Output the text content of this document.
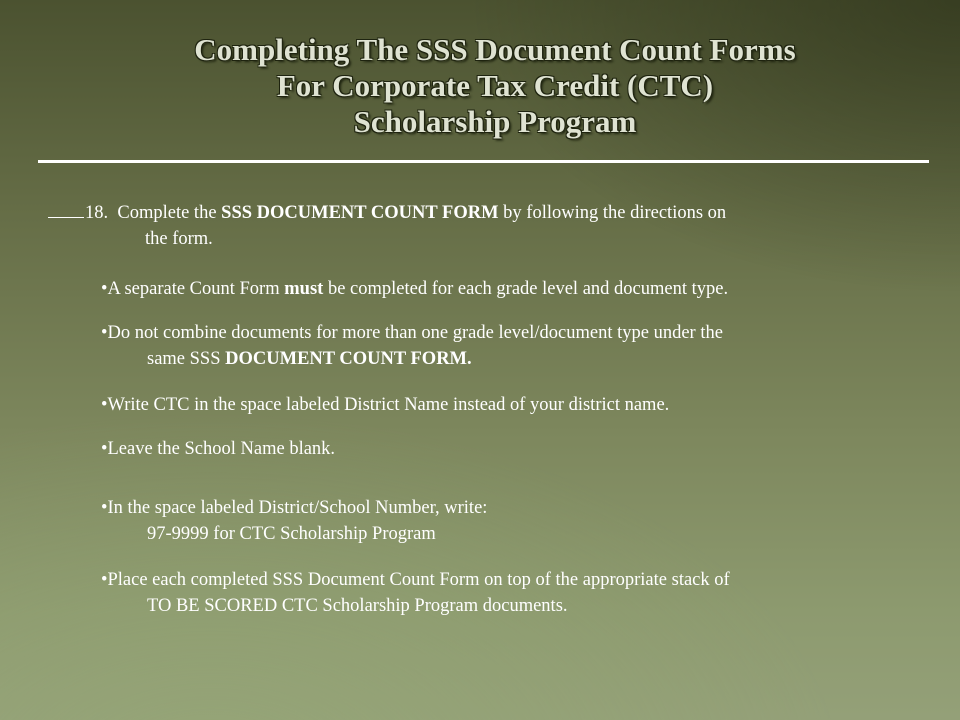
Completing The SSS Document Count Forms
For Corporate Tax Credit (CTC)
Scholarship Program
18. Complete the SSS DOCUMENT COUNT FORM by following the directions on
the form.
•A separate Count Form must be completed for each grade level and document type.
•Do not combine documents for more than one grade level/document type under the
same SSS DOCUMENT COUNT FORM.
•Write CTC in the space labeled District Name instead of your district name.
•Leave the School Name blank.
•In the space labeled District/School Number, write:
97-9999 for CTC Scholarship Program
•Place each completed SSS Document Count Form on top of the appropriate stack of
TO BE SCORED CTC Scholarship Program documents.
